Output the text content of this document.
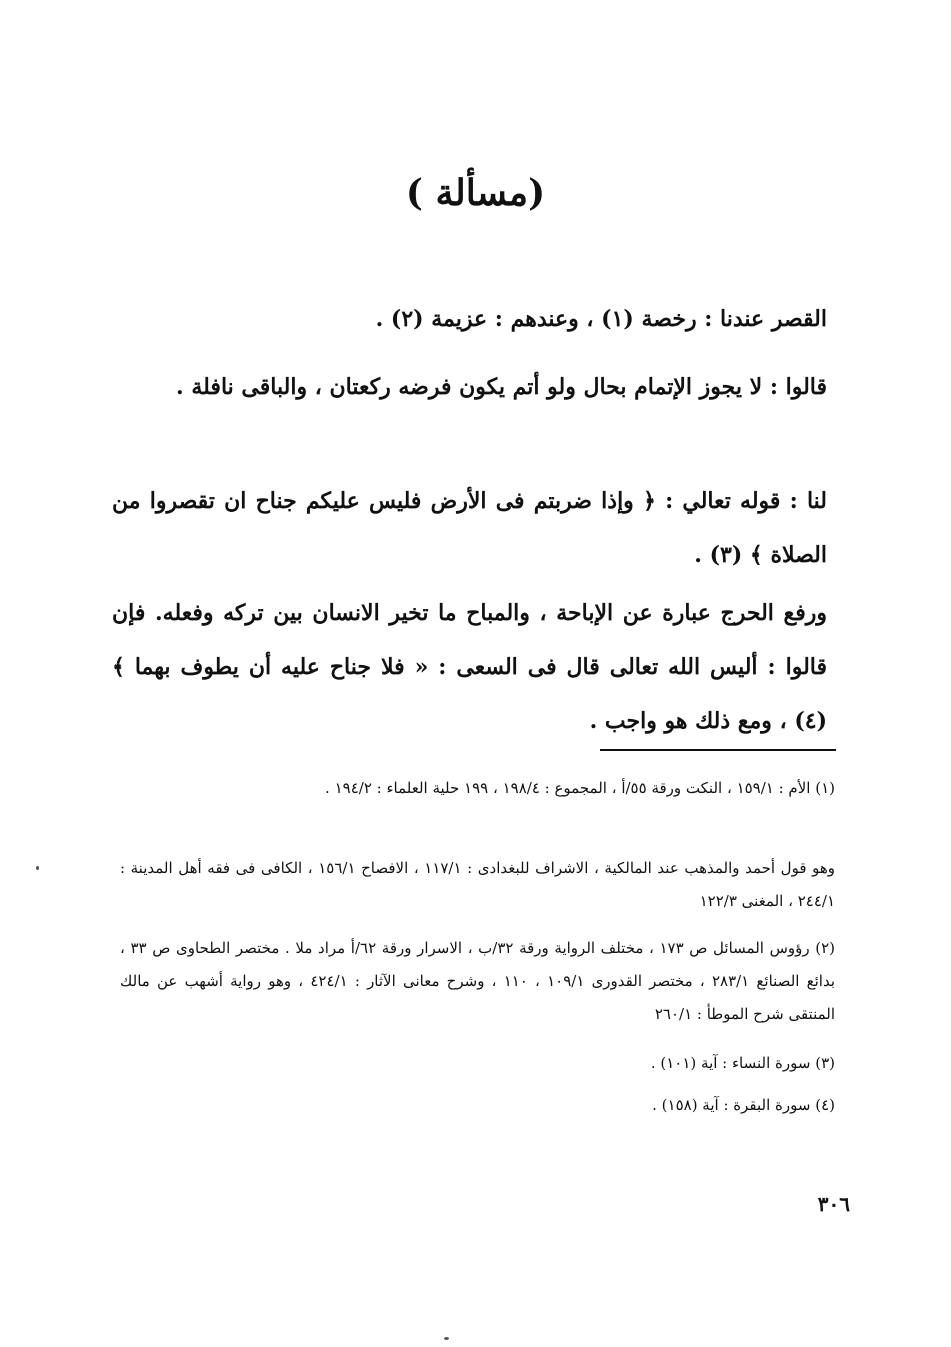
(مسألة )

القصر عندنا : رخصة (١) ، وعندهم : عزيمة (٢) .

قالوا : لا يجوز الإتمام بحال ولو أتم يكون فرضه ركعتان ، والباقى نافلة .

لنا : قوله تعالي : ﴿ وإذا ضربتم فى الأرض فليس عليكم جناح ان تقصروا من الصلاة ﴾ (٣) .

ورفع الحرج عبارة عن الإباحة ، والمباح ما تخير الانسان بين تركه وفعله. فإن قالوا : أليس الله تعالى قال فى السعى : « فلا جناح عليه أن يطوف بهما ﴾ (٤) ، ومع ذلك هو واجب .

(١) الأم : ١٥٩/١ ، النكت ورقة ٥٥/أ ، المجموع : ١٩٨/٤ ، ١٩٩ حلية العلماء : ١٩٤/٢ .

وهو قول أحمد والمذهب عند المالكية ، الاشراف للبغدادى : ١١٧/١ ، الافصاح ١٥٦/١ ، الكافى فى فقه أهل المدينة : ٢٤٤/١ ، المغنى ١٢٢/٣

(٢) رؤوس المسائل ص ١٧٣ ، مختلف الرواية ورقة ٣٢/ب ، الاسرار ورقة ٦٢/أ مراد ملا . مختصر الطحاوى ص ٣٣ ، بدائع الصنائع ٢٨٣/١ ، مختصر القدورى ١٠٩/١ ، ١١٠ ، وشرح معانى الآثار : ٤٢٤/١ ، وهو رواية أشهب عن مالك المنتقى شرح الموطأ : ٢٦٠/١

(٣) سورة النساء : آية (١٠١) .

(٤) سورة البقرة : آية (١٥٨) .

٣٠٦
